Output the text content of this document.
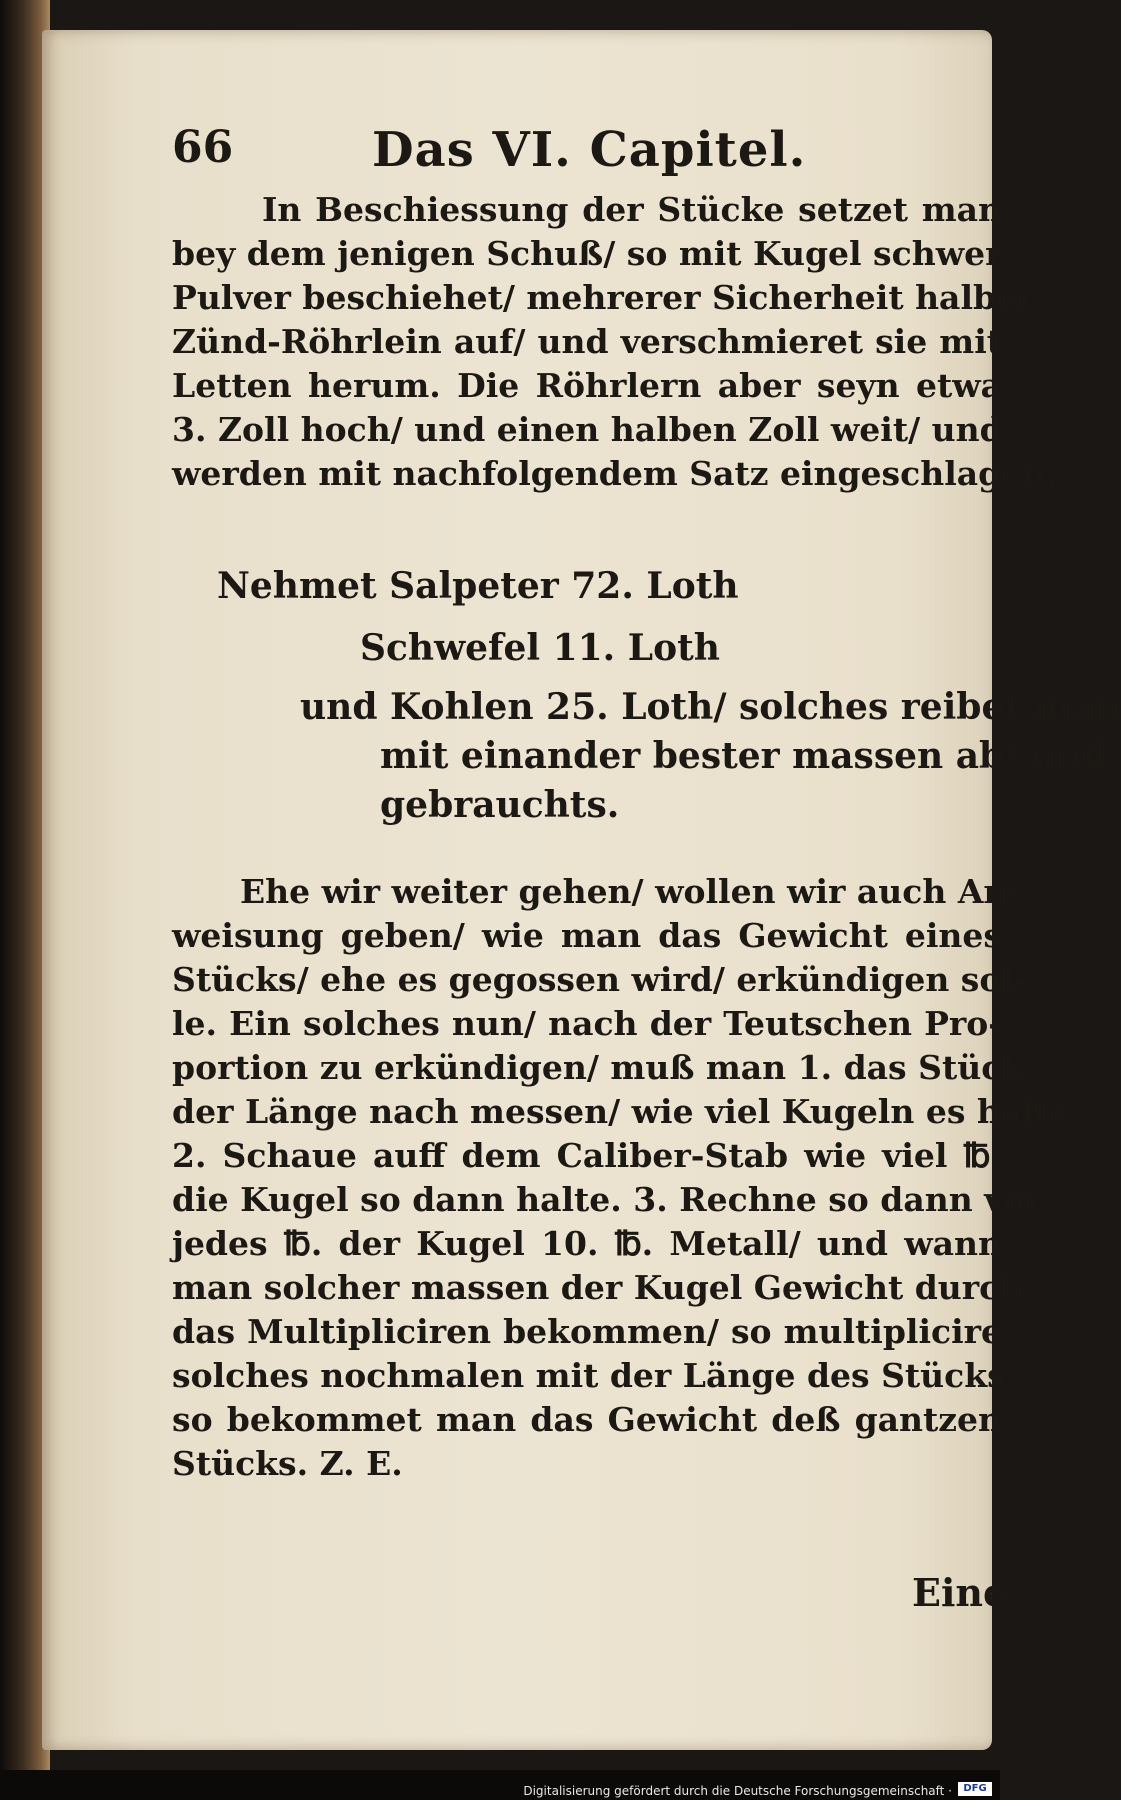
66	Das VI. Capitel.
In Beschiessung der Stücke setzet man
bey dem jenigen Schuß/ so mit Kugel schwer
Pulver beschiehet/ mehrerer Sicherheit halber
Zünd-Röhrlein auf/ und verschmieret sie mit
Letten herum. Die Röhrlern aber seyn etwa
3. Zoll hoch/ und einen halben Zoll weit/ und
werden mit nachfolgendem Satz eingeschlagen.
Nehmet Salpeter 72. Loth
Schwefel 11. Loth
und Kohlen 25. Loth/ solches reibet man
mit einander bester massen ab/ und
gebrauchts.
Ehe wir weiter gehen/ wollen wir auch An-
weisung geben/ wie man das Gewicht eines
Stücks/ ehe es gegossen wird/ erkündigen sol-
le. Ein solches nun/ nach der Teutschen Pro-
portion zu erkündigen/ muß man 1. das Stück
der Länge nach messen/ wie viel Kugeln es halte.
2. Schaue auff dem Caliber-Stab wie viel ℔.
die Kugel so dann halte. 3. Rechne so dann vor
jedes ℔. der Kugel 10. ℔. Metall/ und wann
man solcher massen der Kugel Gewicht durch
das Multipliciren bekommen/ so multiplicire
solches nochmalen mit der Länge des Stücks/
so bekommet man das Gewicht deß gantzen
Stücks. Z. E.
Eine
Digitalisierung gefördert durch die Deutsche Forschungsgemeinschaft ·	DFG
